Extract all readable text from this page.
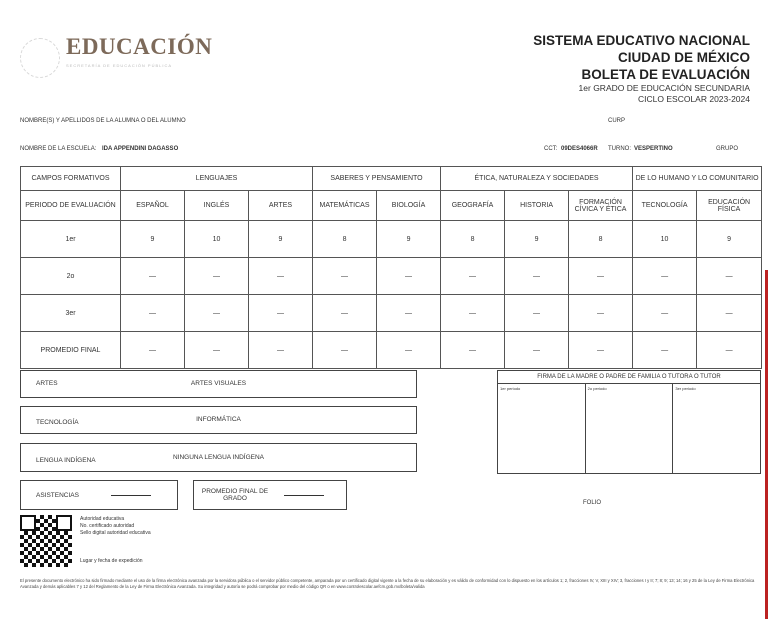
EDUCACIÓN
SECRETARÍA DE EDUCACIÓN PÚBLICA
SISTEMA EDUCATIVO NACIONAL
CIUDAD DE MÉXICO
BOLETA DE EVALUACIÓN
1er GRADO DE EDUCACIÓN SECUNDARIA
CICLO ESCOLAR 2023-2024
NOMBRE(S) Y APELLIDOS DE LA ALUMNA O DEL ALUMNO	CURP
NOMBRE DE LA ESCUELA: IDA APPENDINI DAGASSO	CCT: 09DES4066R TURNO: VESPERTINO	GRUPO
CAMPOS FORMATIVOS	LENGUAJES			SABERES Y PENSAMIENTO		ÉTICA, NATURALEZA Y SOCIEDADES			DE LO HUMANO Y LO COMUNITARIO	
PERIODO DE EVALUACIÓN	ESPAÑOL	INGLÉS	ARTES	MATEMÁTICAS	BIOLOGÍA	GEOGRAFÍA	HISTORIA	FORMACIÓN CÍVICA Y ÉTICA	TECNOLOGÍA	EDUCACIÓN FÍSICA
1er	9	10	9	8	9	8	9	8	10	9
2o	—	—	—	—	—	—	—	—	—	—
3er	—	—	—	—	—	—	—	—	—	—
PROMEDIO FINAL	—	—	—	—	—	—	—	—	—	—
ARTES	ARTES VISUALES
TECNOLOGÍA	INFORMÁTICA
LENGUA INDÍGENA	NINGUNA LENGUA INDÍGENA
ASISTENCIAS
PROMEDIO FINAL DE GRADO
FIRMA DE LA MADRE O PADRE DE FAMILIA O TUTORA O TUTOR
1er periodo	2o periodo	3er periodo
FOLIO
Autoridad educativa
No. certificado autoridad
Sello digital autoridad educativa
Lugar y fecha de expedición
El presente documento electrónico ha sido firmado mediante el uso de la firma electrónica avanzada por la servidora pública o el servidor público competente, amparada por un certificado digital vigente a la fecha de su elaboración y es válido de conformidad con lo dispuesto en los artículos 1; 2, fracciones IV, V, XIII y XIV; 3, fracciones I y II; 7; 8; 9; 13; 14; 16 y 25 de la Ley de Firma Electrónica Avanzada y demás aplicables 7 y 12 del Reglamento de la Ley de Firma Electrónica Avanzada. Su integridad y autoría se podrá comprobar por medio del código QR o en www.controlescolar.aefcm.gob.mx/boleta/valida
